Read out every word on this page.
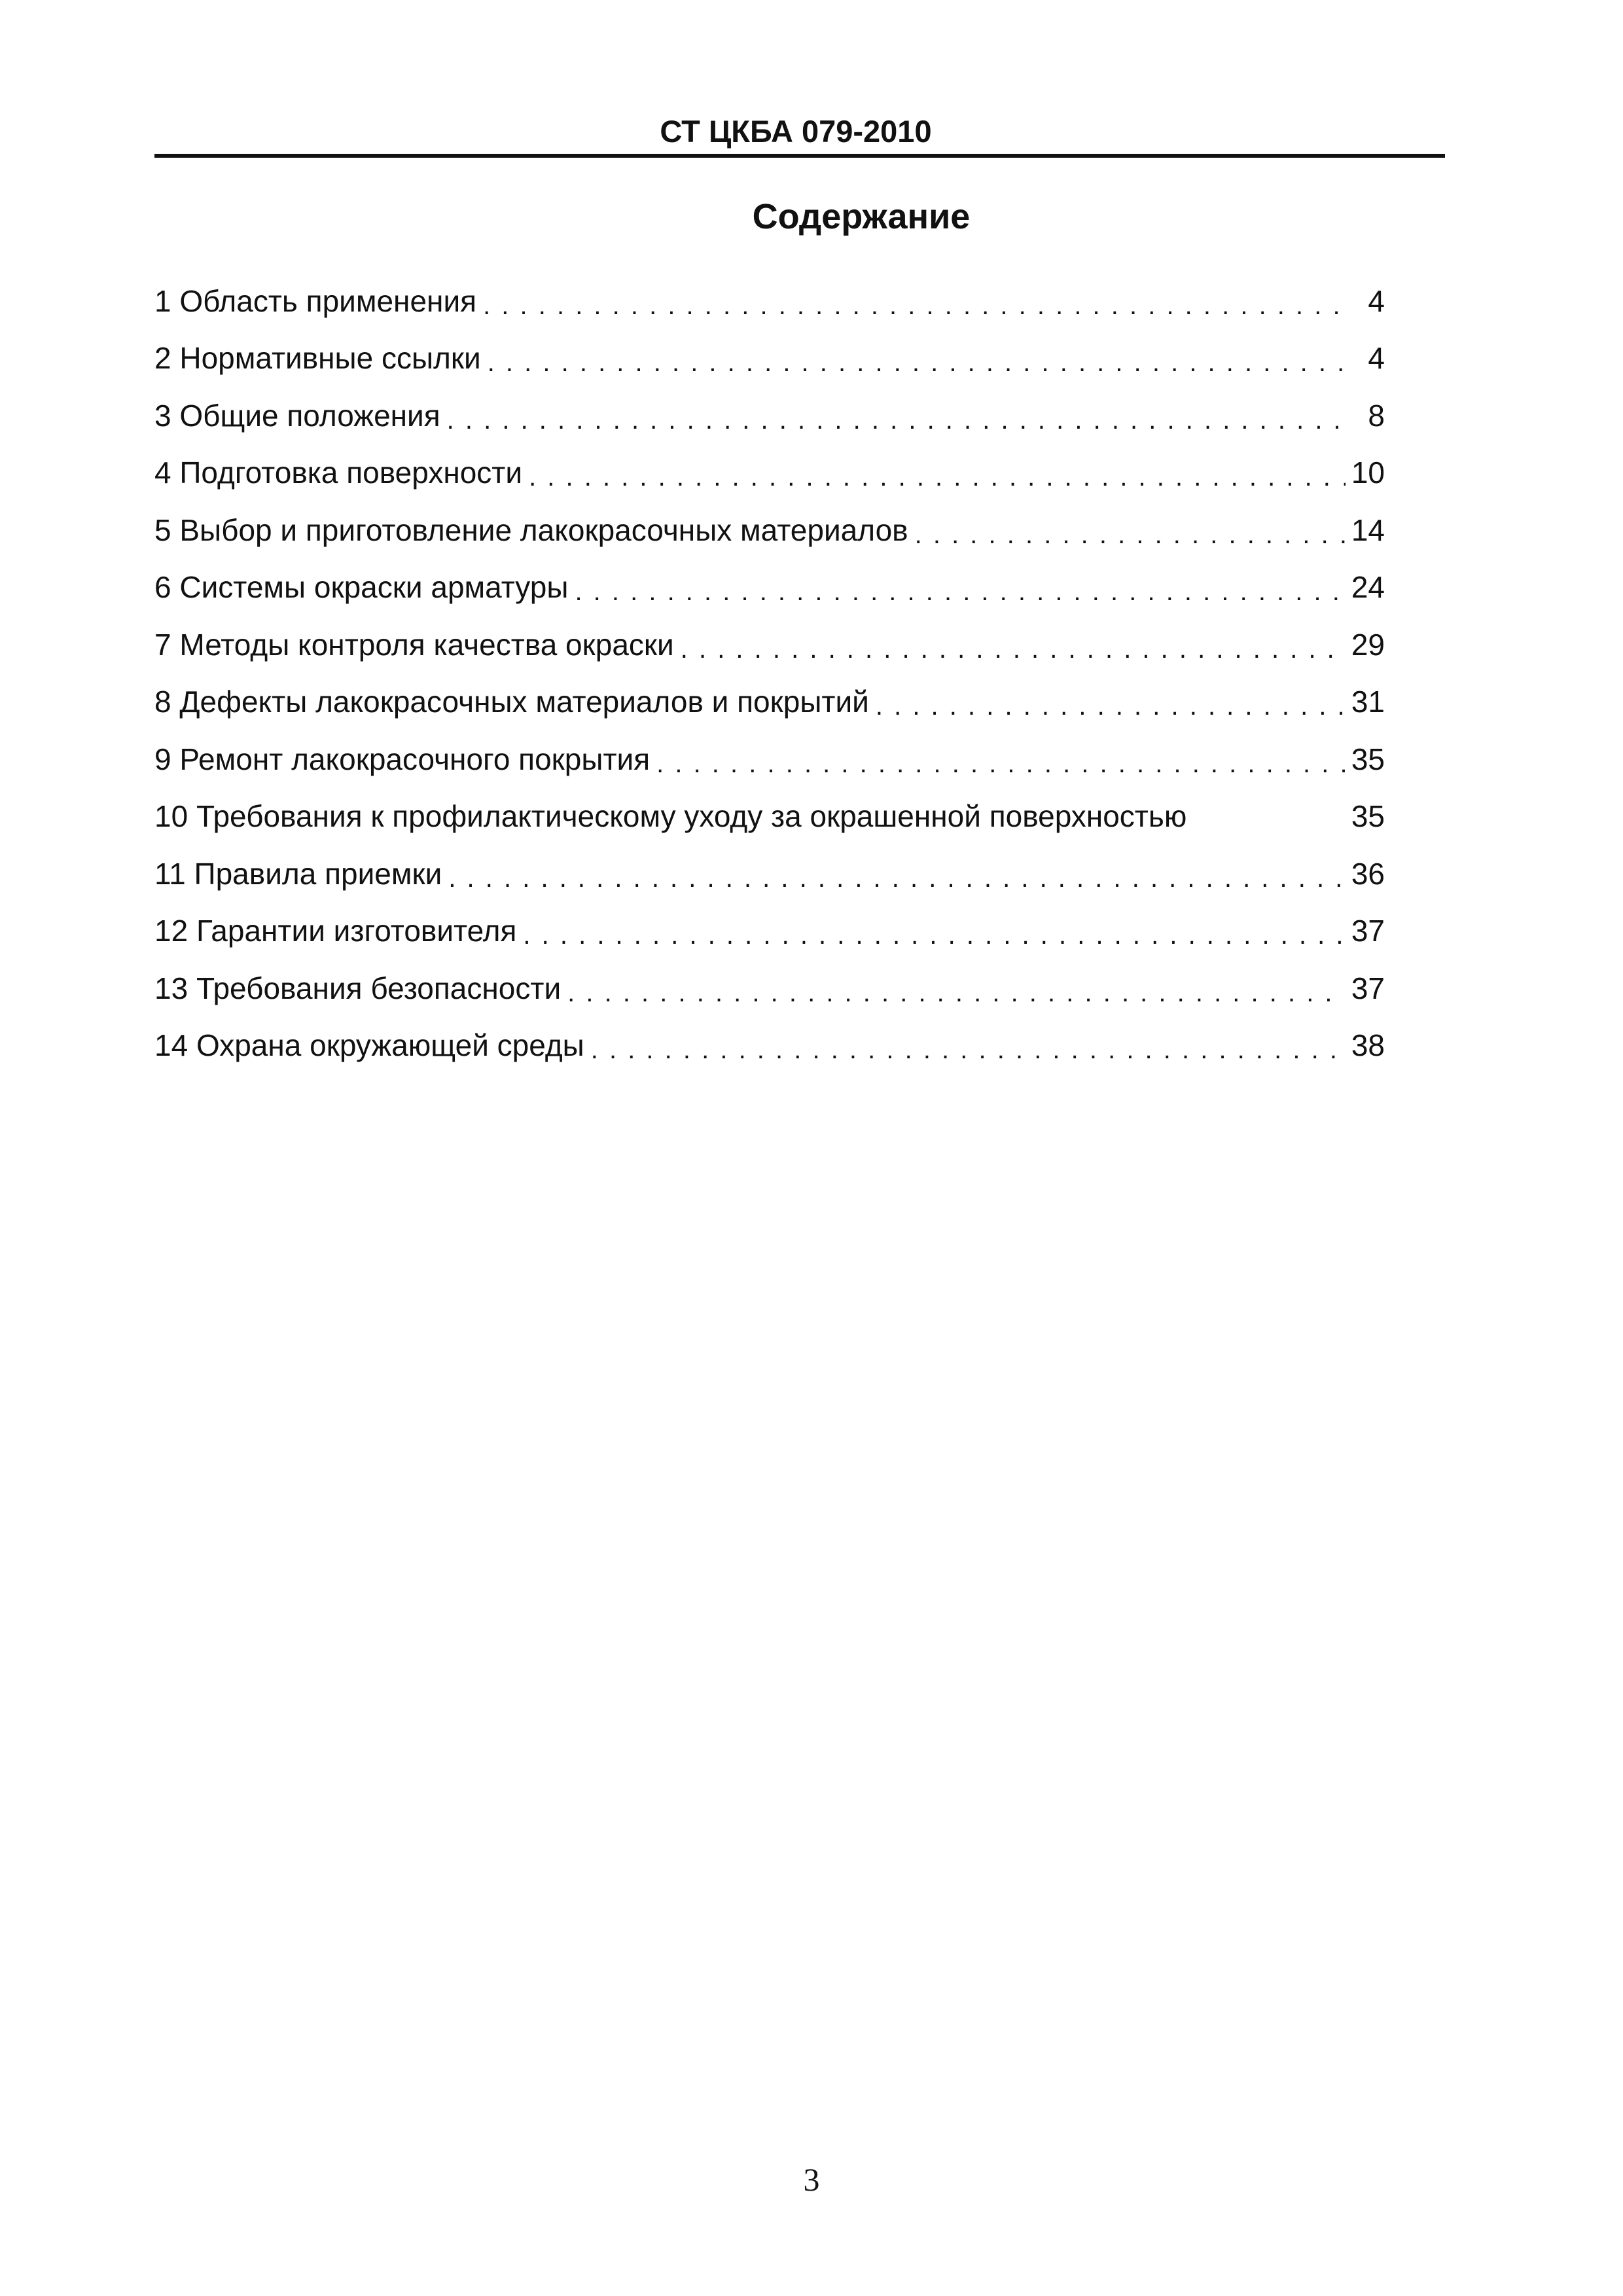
СТ ЦКБА 079-2010
Содержание
1 Область применения . . .	4
2 Нормативные ссылки . . .	4
3 Общие положения . . .	8
4 Подготовка поверхности . . .	10
5 Выбор и приготовление лакокрасочных материалов . . .	14
6 Системы окраски арматуры . . .	24
7 Методы контроля качества окраски . . .	29
8 Дефекты лакокрасочных материалов и покрытий . . .	31
9 Ремонт лакокрасочного покрытия . . .	35
10 Требования к профилактическому уходу за окрашенной поверхностью	35
11 Правила приемки . . .	36
12 Гарантии изготовителя . . .	37
13 Требования безопасности . . .	37
14 Охрана окружающей среды . . .	38
3
